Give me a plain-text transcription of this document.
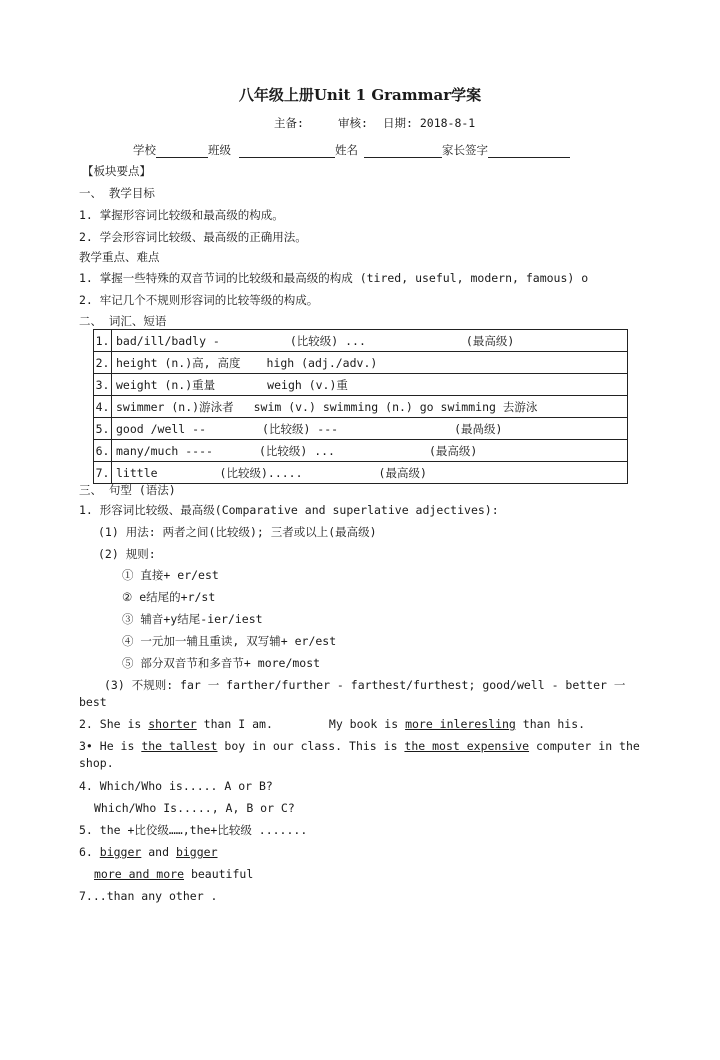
八年级上册Unit 1 Grammar学案
主备:	审核: 日期: 2018-8-1
学校	班级	姓名	家长签字
【板块要点】
一、 教学目标
1. 掌握形容词比较级和最高级的构成。
2. 学会形容词比较级、最高级的正确用法。
教学重点、难点
1. 掌握一些特殊的双音节词的比较级和最高级的构成 (tired, useful, modern, famous) o
2. 牢记几个不规则形容词的比较等级的构成。
二、 词汇、短语
1.	bad/ill/badly - (比较级) ... (最高级)
2.	height (n.)高, 高度 high (adj./adv.)
3.	weight (n.)重量 weigh (v.)重
4.	swimmer (n.)游泳者 swim (v.) swimming (n.) go swimming 去游泳
5.	good /well -- (比较级) --- (最咼级)
6.	many/much ---- (比较级) ... (最高级)
7.	little (比较级)..... (最高级)
三、 句型 (语法)
1. 形容词比较级、最高级(Comparative and superlative adjectives):
(1) 用法: 两者之间(比较级); 三者或以上(最高级)
(2) 规则:
① 直接+ er/est
② e结尾的+r/st
③ 辅音+y结尾-ier/iest
④ 一元加一辅且重读, 双写辅+ er/est
⑤ 部分双音节和多音节+ more/most
(3) 不规则: far 一 farther/further - farthest/furthest; good/well - better 一
best
2. She is shorter than I am.	My book is more inleresling than his.
3• He is the tallest boy in our class. This is the most expensive computer in the
shop.
4. Which/Who is..... A or B?
Which/Who Is....., A, B or C?
5. the +比佼级……,the+比较级 .......
6. bigger and bigger
more and more beautiful
7...than any other .
